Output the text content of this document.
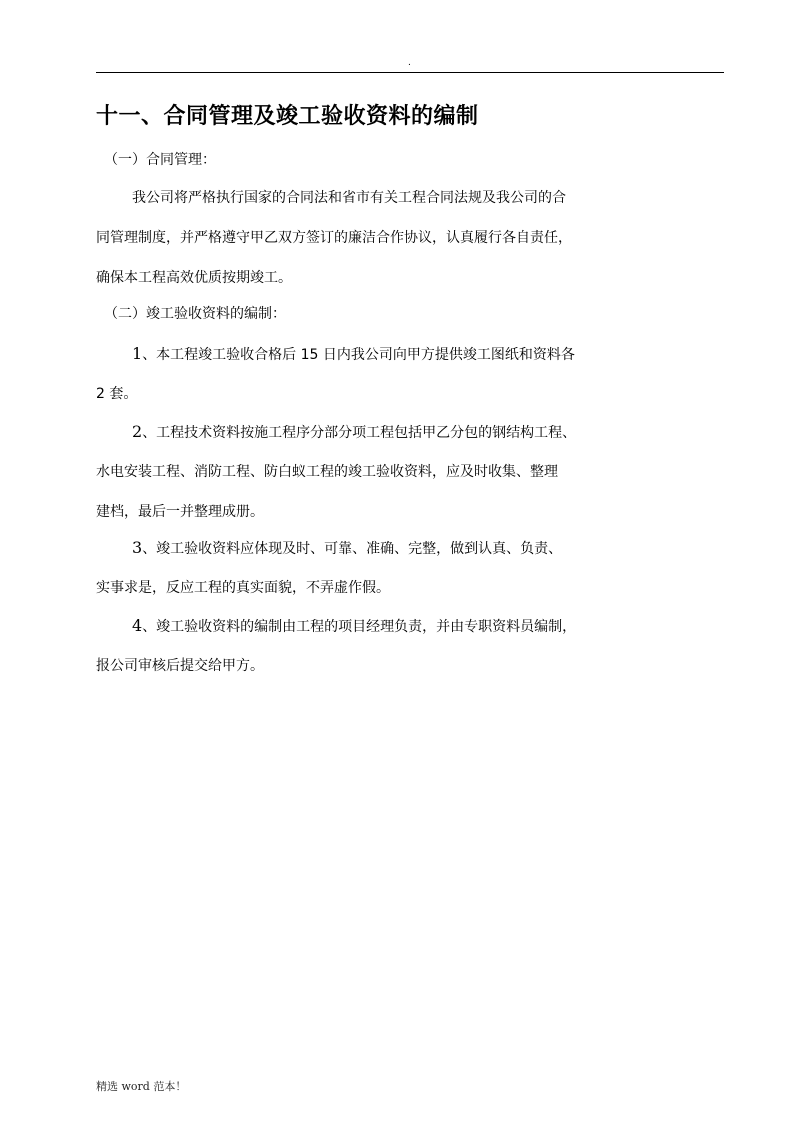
.
十一、合同管理及竣工验收资料的编制
（一）合同管理：
我公司将严格执行国家的合同法和省市有关工程合同法规及我公司的合
同管理制度，并严格遵守甲乙双方签订的廉洁合作协议，认真履行各自责任，
确保本工程高效优质按期竣工。
（二）竣工验收资料的编制：
1、本工程竣工验收合格后 15 日内我公司向甲方提供竣工图纸和资料各
2 套。
2、工程技术资料按施工程序分部分项工程包括甲乙分包的钢结构工程、
水电安装工程、消防工程、防白蚁工程的竣工验收资料，应及时收集、整理
建档，最后一并整理成册。
3、竣工验收资料应体现及时、可靠、准确、完整，做到认真、负责、
实事求是，反应工程的真实面貌，不弄虚作假。
4、竣工验收资料的编制由工程的项目经理负责，并由专职资料员编制，
报公司审核后提交给甲方。
精选 word 范本！
